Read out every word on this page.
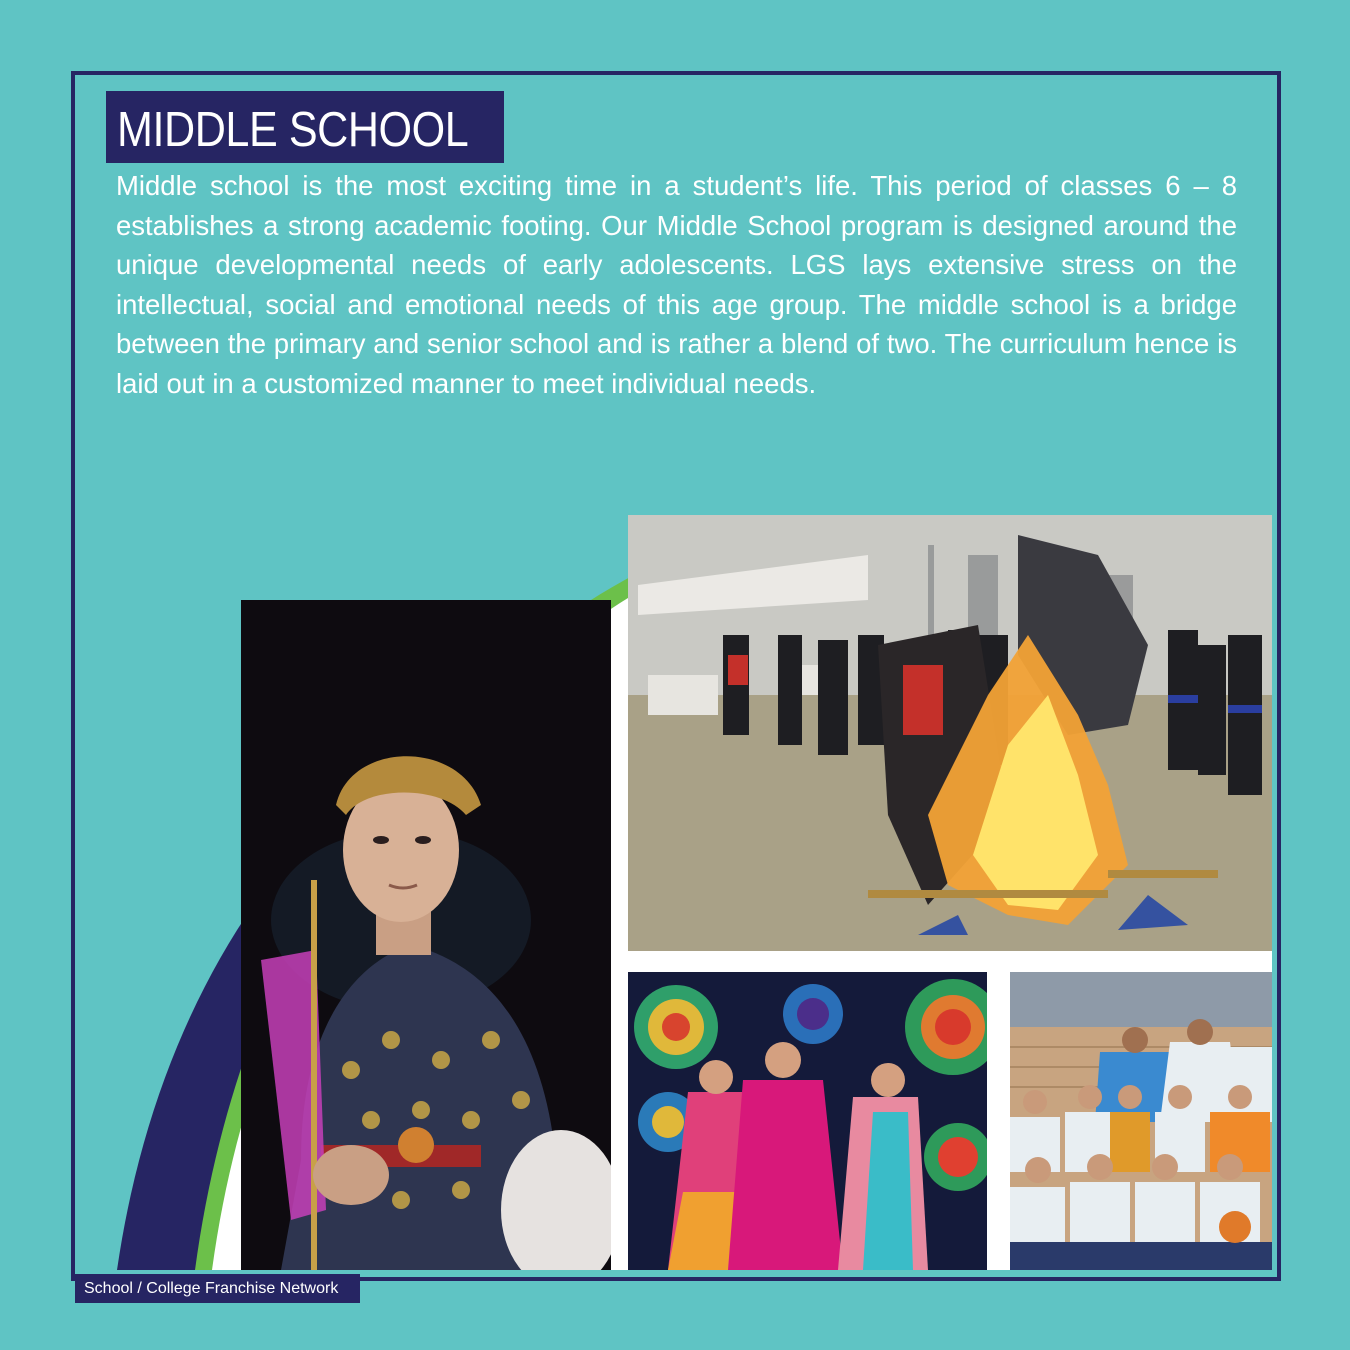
MIDDLE SCHOOL

Middle school is the most exciting time in a student’s life. This period of classes 6 – 8 establishes a strong academic footing. Our Middle School program is designed around the unique developmental needs of early adolescents. LGS lays extensive stress on the intellectual, social and emotional needs of this age group. The middle school is a bridge between the primary and senior school and is rather a blend of two. The curriculum hence is laid out in a customized manner to meet individual needs.

School / College Franchise Network
